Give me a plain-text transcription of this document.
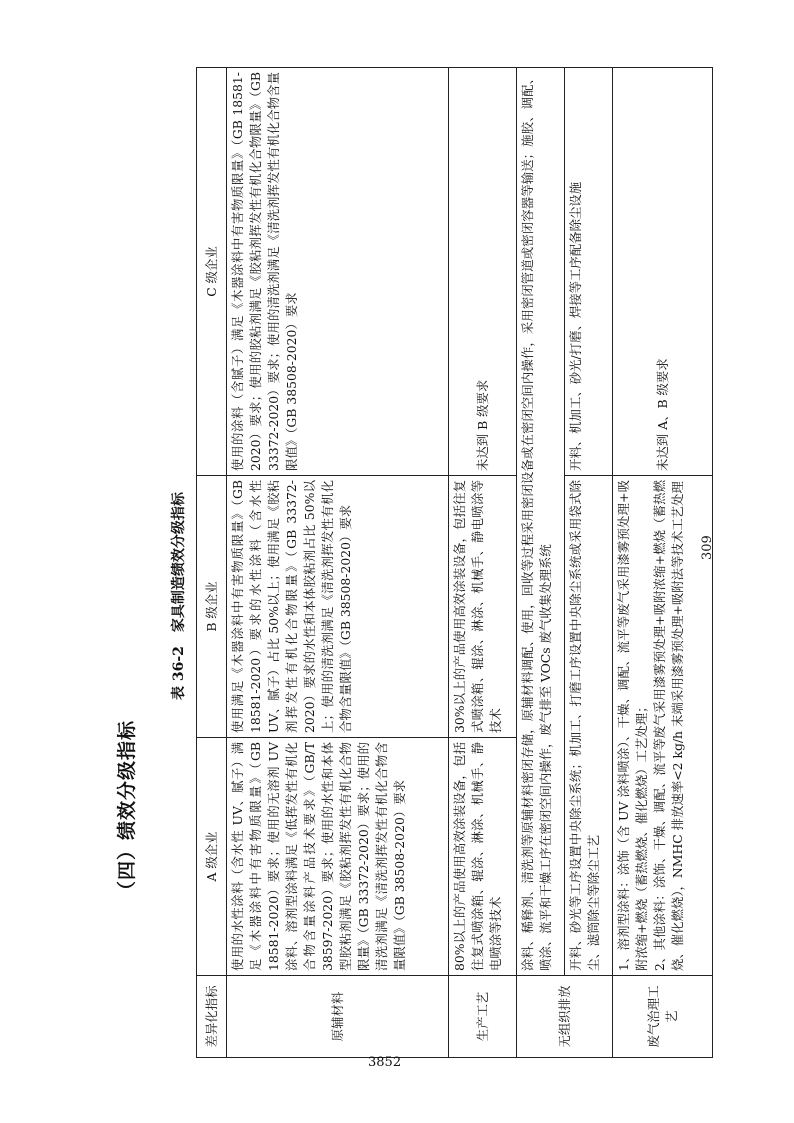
（四）绩效分级指标
表 36-2　家具制造绩效分级指标
差异化指标	A 级企业	B 级企业	C 级企业
原辅材料	使用的水性涂料（含水性 UV、腻子）满足《木器涂料中有害物质限量》（GB 18581-2020）要求；使用的无溶剂 UV 涂料、溶剂型涂料满足《低挥发性有机化合物含量涂料产品技术要求》（GB/T 38597-2020）要求；使用的水性和本体型胶粘剂满足《胶粘剂挥发性有机化合物限量》（GB 33372-2020）要求；使用的清洗剂满足《清洗剂挥发性有机化合物含量限值》（GB 38508-2020）要求	使用满足《木器涂料中有害物质限量》（GB 18581-2020）要求的水性涂料（含水性 UV、腻子）占比 50%以上；使用满足《胶粘剂挥发性有机化合物限量》（GB 33372-2020）要求的水性和本体胶粘剂占比 50%以上；使用的清洗剂满足《清洗剂挥发性有机化合物含量限值》（GB 38508-2020）要求	使用的涂料（含腻子）满足《木器涂料中有害物质限量》（GB 18581-2020）要求；使用的胶粘剂满足《胶粘剂挥发性有机化合物限量》（GB 33372-2020）要求；使用的清洗剂满足《清洗剂挥发性有机化合物含量限值》（GB 38508-2020）要求
生产工艺	80%以上的产品使用高效涂装设备，包括往复式喷涂箱、辊涂、淋涂、机械手、静电喷涂等技术	30%以上的产品使用高效涂装设备，包括往复式喷涂箱、辊涂、淋涂、机械手、静电喷涂等技术	未达到 B 级要求
无组织排放	涂料、稀释剂、清洗剂等原辅材料密闭存储，原辅材料调配、使用，回收等过程采用密闭设备或在密闭空间内操作，采用密闭管道或密闭容器等输送；施胶、调配、喷涂、流平和干燥工序在密闭空间内操作，废气排至 VOCs 废气收集处理系统		
	开料、砂光等工序设置中央除尘系统；机加工、打磨工序设置中央除尘系统或采用袋式除尘、滤筒除尘等除尘工艺		开料、机加工、砂光/打磨、焊接等工序配备除尘设施
废气治理工艺	1、溶剂型涂料：涂饰（含 UV 涂料喷涂）、干燥、调配、流平等废气采用漆雾预处理+吸附浓缩+燃烧（蓄热燃烧、催化燃烧）工艺处理；
2、其他涂料：涂饰、干燥、调配、流平等废气采用漆雾预处理+吸附浓缩+燃烧（蓄热燃烧、催化燃烧），NMHC 排放速率<2 kg/h 末端采用漆雾预处理+吸附法等技术工艺处理		未达到 A、B 级要求
309
3852
